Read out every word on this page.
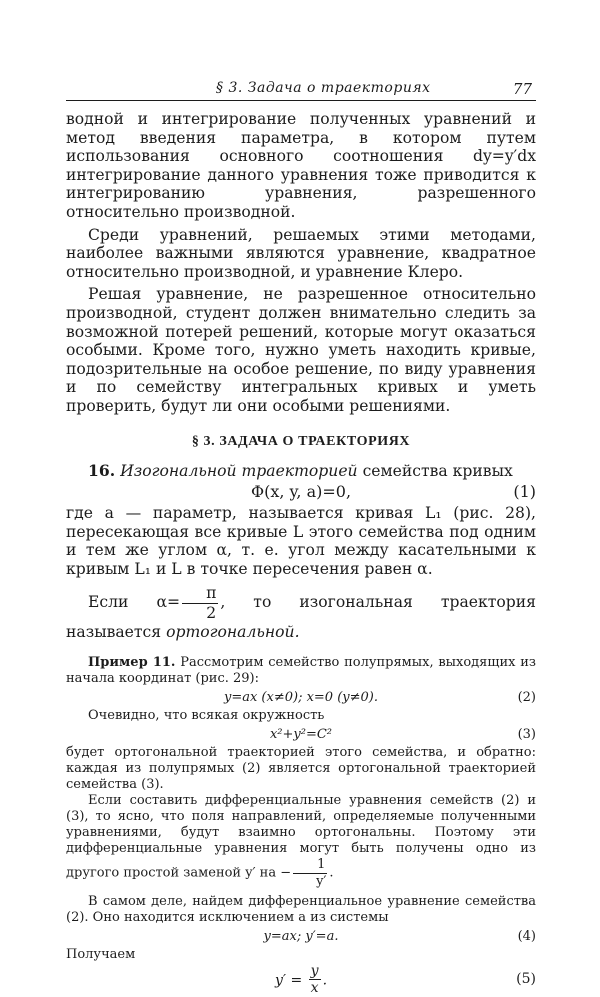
§ 3. Задача о траекториях	77

водной и интегрирование полученных уравнений и метод введения параметра, в котором путем использования основного соотношения dy=y′dx интегрирование данного уравнения тоже приводится к интегрированию уравнения, разрешенного относительно производной.

Среди уравнений, решаемых этими методами, наиболее важными являются уравнение, квадратное относительно производной, и уравнение Клеро.

Решая уравнение, не разрешенное относительно производной, студент должен внимательно следить за возможной потерей решений, которые могут оказаться особыми. Кроме того, нужно уметь находить кривые, подозрительные на особое решение, по виду уравнения и по семейству интегральных кривых и уметь проверить, будут ли они особыми решениями.

§ 3. ЗАДАЧА О ТРАЕКТОРИЯХ

16. Изогональной траекторией семейства кривых

Φ(x, y, a)=0,	(1)

где a — параметр, называется кривая L₁ (рис. 28), пересекающая все кривые L этого семейства под одним и тем же углом α, т. е. угол между касательными к кривым L₁ и L в точке пересечения равен α.

Если $\alpha= \frac{\pi}{2}$ , то изогональная траектория называется ортогональной.

Пример 11. Рассмотрим семейство полупрямых, выходящих из начала координат (рис. 29):

y=ax (x≠0); x=0 (y≠0).	(2)

Очевидно, что всякая окружность

x²+y²=C²	(3)

будет ортогональной траекторией этого семейства, и обратно: каждая из полупрямых (2) является ортогональной траекторией семейства (3).

Если составить дифференциальные уравнения семейств (2) и (3), то ясно, что поля направлений, определяемые полученными уравнениями, будут взаимно ортогональны. Поэтому эти дифференциальные уравнения могут быть получены одно из другого простой заменой y′ на − $\frac{1}{y'}$ .

В самом деле, найдем дифференциальное уравнение семейства (2). Оно находится исключением a из системы

y=ax; y′=a.	(4)

Получаем

$y' = \frac{y}{x}$ .	(5)
